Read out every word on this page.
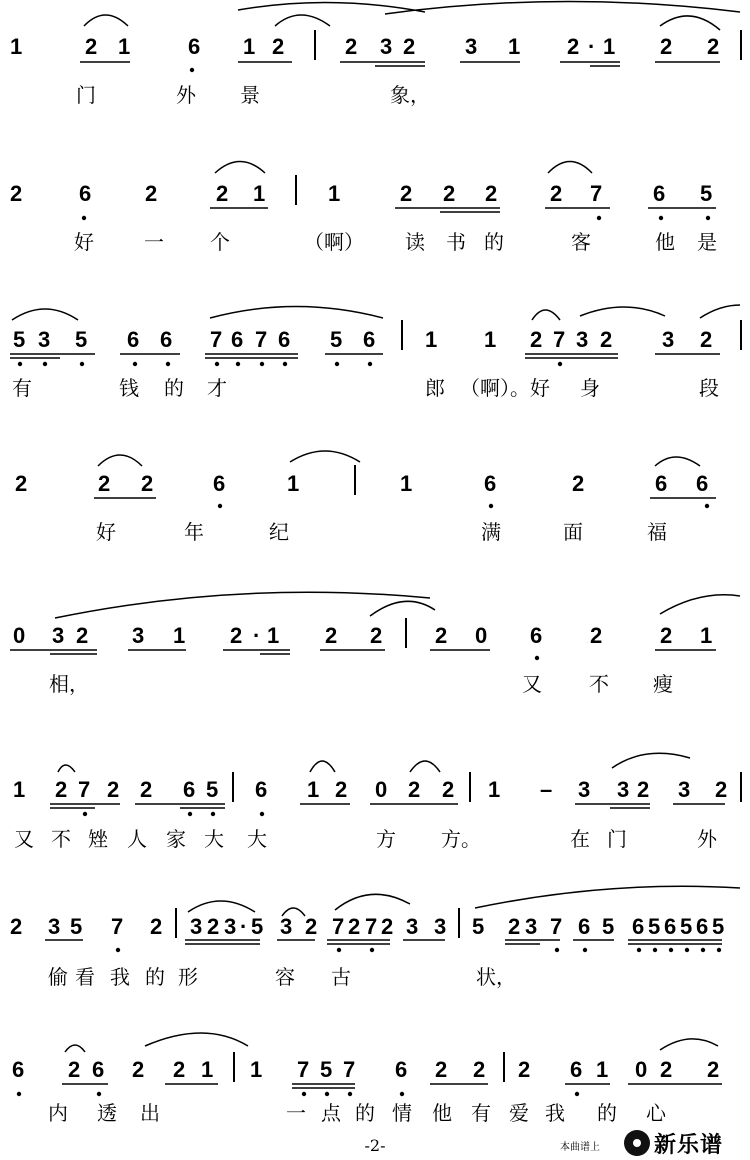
1	2 1	6 1 2	2 3 2 3 1 2 · 1 2 2
门	外 景	象，
2	6 2	2 1	1	2 2 2 2 7 6 5
好	一 个	（啊） 读 书 的	客	他 是
5 3 5 6 6 7 6 7 6 5 6 1 1 2 7 3 2 3 2
有	钱 的 才	郎 （啊）。好 身	段
2	2 2	6	1	1	6	2	6 6
好	年	纪	满	面	福
0 3 2 3 1 2 · 1 2 2 2 0 6 2	2 1
相，	又 不 瘦
1 2 7 2 2 6 5 6 1 2 0 2 2 1 – 3 3 2 3 2
又 不 矬 人 家 大 大	方 方。	在 门	外
2 3 5 7 2 3 2 3 · 5 3 2 7 2 7 2 3 3 5 2 3 7 6 5 6 5 6 5 6 5
偷 看 我 的 形	容 古	状，
6 2 6 2 2 1 1 7 5 7 6 2 2 2 6 1 0 2 2
内 透 出	一 点 的 情 他 有 爱 我 的 心
-2-	本曲谱上 新乐谱
